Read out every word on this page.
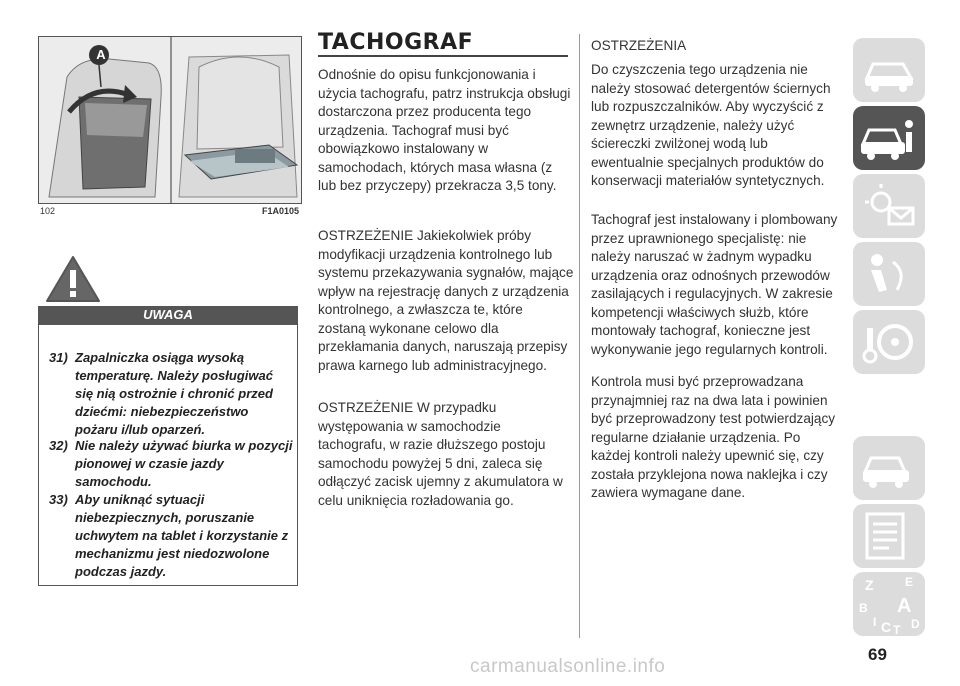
A
102	F1A0105
UWAGA
31) Zapalniczka osiąga wysoką temperaturę. Należy posługiwać się nią ostrożnie i chronić przed dziećmi: niebezpieczeństwo pożaru i/lub oparzeń.
32) Nie należy używać biurka w pozycji pionowej w czasie jazdy samochodu.
33) Aby uniknąć sytuacji niebezpiecznych, poruszanie uchwytem na tablet i korzystanie z mechanizmu jest niedozwolone podczas jazdy.
TACHOGRAF
Odnośnie do opisu funkcjonowania i użycia tachografu, patrz instrukcja obsługi dostarczona przez producenta tego urządzenia. Tachograf musi być obowiązkowo instalowany w samochodach, których masa własna (z lub bez przyczepy) przekracza 3,5 tony.
OSTRZEŻENIE Jakiekolwiek próby modyfikacji urządzenia kontrolnego lub systemu przekazywania sygnałów, mające wpływ na rejestrację danych z urządzenia kontrolnego, a zwłaszcza te, które zostaną wykonane celowo dla przekłamania danych, naruszają przepisy prawa karnego lub administracyjnego.
OSTRZEŻENIE W przypadku występowania w samochodzie tachografu, w razie dłuższego postoju samochodu powyżej 5 dni, zaleca się odłączyć zacisk ujemny z akumulatora w celu uniknięcia rozładowania go.
OSTRZEŻENIA
Do czyszczenia tego urządzenia nie należy stosować detergentów ściernych lub rozpuszczalników. Aby wyczyścić z zewnętrz urządzenie, należy użyć ściereczki zwilżonej wodą lub ewentualnie specjalnych produktów do konserwacji materiałów syntetycznych.
Tachograf jest instalowany i plombowany przez uprawnionego specjalistę: nie należy naruszać w żadnym wypadku urządzenia oraz odnośnych przewodów zasilających i regulacyjnych. W zakresie kompetencji właściwych służb, które montowały tachograf, konieczne jest wykonywanie jego regularnych kontroli.
Kontrola musi być przeprowadzana przynajmniej raz na dwa lata i powinien być przeprowadzony test potwierdzający regularne działanie urządzenia. Po każdej kontroli należy upewnić się, czy została przyklejona nowa naklejka i czy zawiera wymagane dane.
Z	E
B A
I C T D
69
carmanualsonline.info
